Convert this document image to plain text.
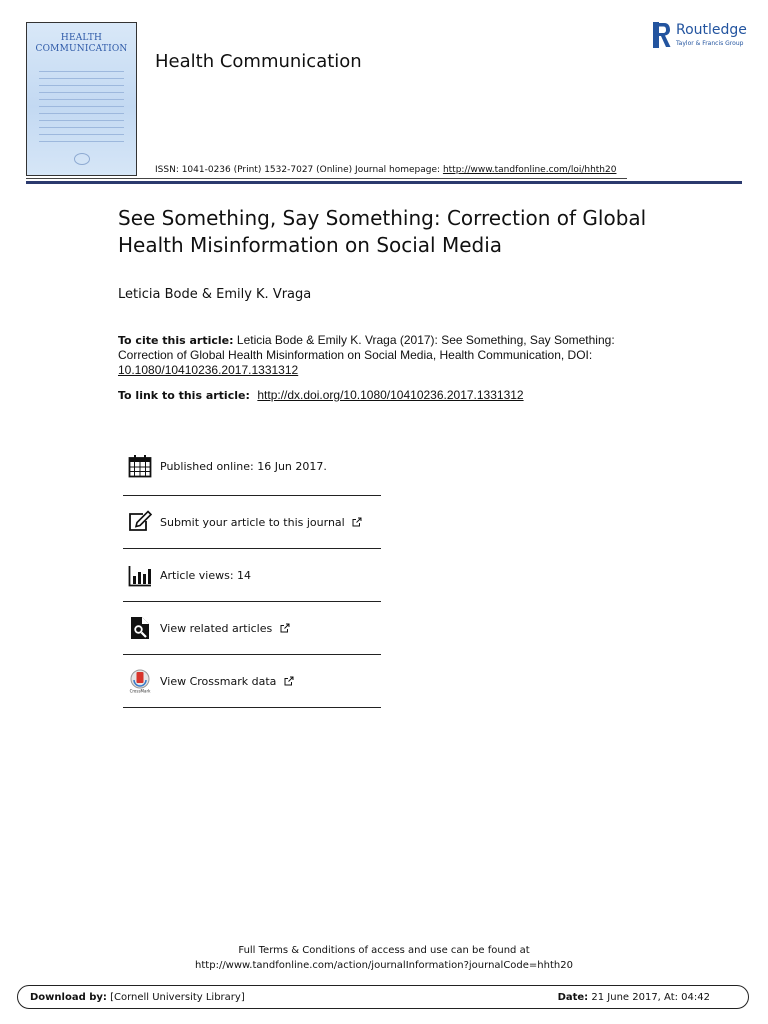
HEALTH COMMUNICATION
Health Communication
Routledge
Taylor & Francis Group
ISSN: 1041-0236 (Print) 1532-7027 (Online) Journal homepage: http://www.tandfonline.com/loi/hhth20
See Something, Say Something: Correction of Global Health Misinformation on Social Media
Leticia Bode & Emily K. Vraga
To cite this article: Leticia Bode & Emily K. Vraga (2017): See Something, Say Something: Correction of Global Health Misinformation on Social Media, Health Communication, DOI:
10.1080/10410236.2017.1331312
To link to this article: http://dx.doi.org/10.1080/10410236.2017.1331312
Published online: 16 Jun 2017.
Submit your article to this journal
Article views: 14
View related articles
CrossMark
View Crossmark data
Full Terms & Conditions of access and use can be found at
http://www.tandfonline.com/action/journalInformation?journalCode=hhth20
Download by: [Cornell University Library]	Date: 21 June 2017, At: 04:42
